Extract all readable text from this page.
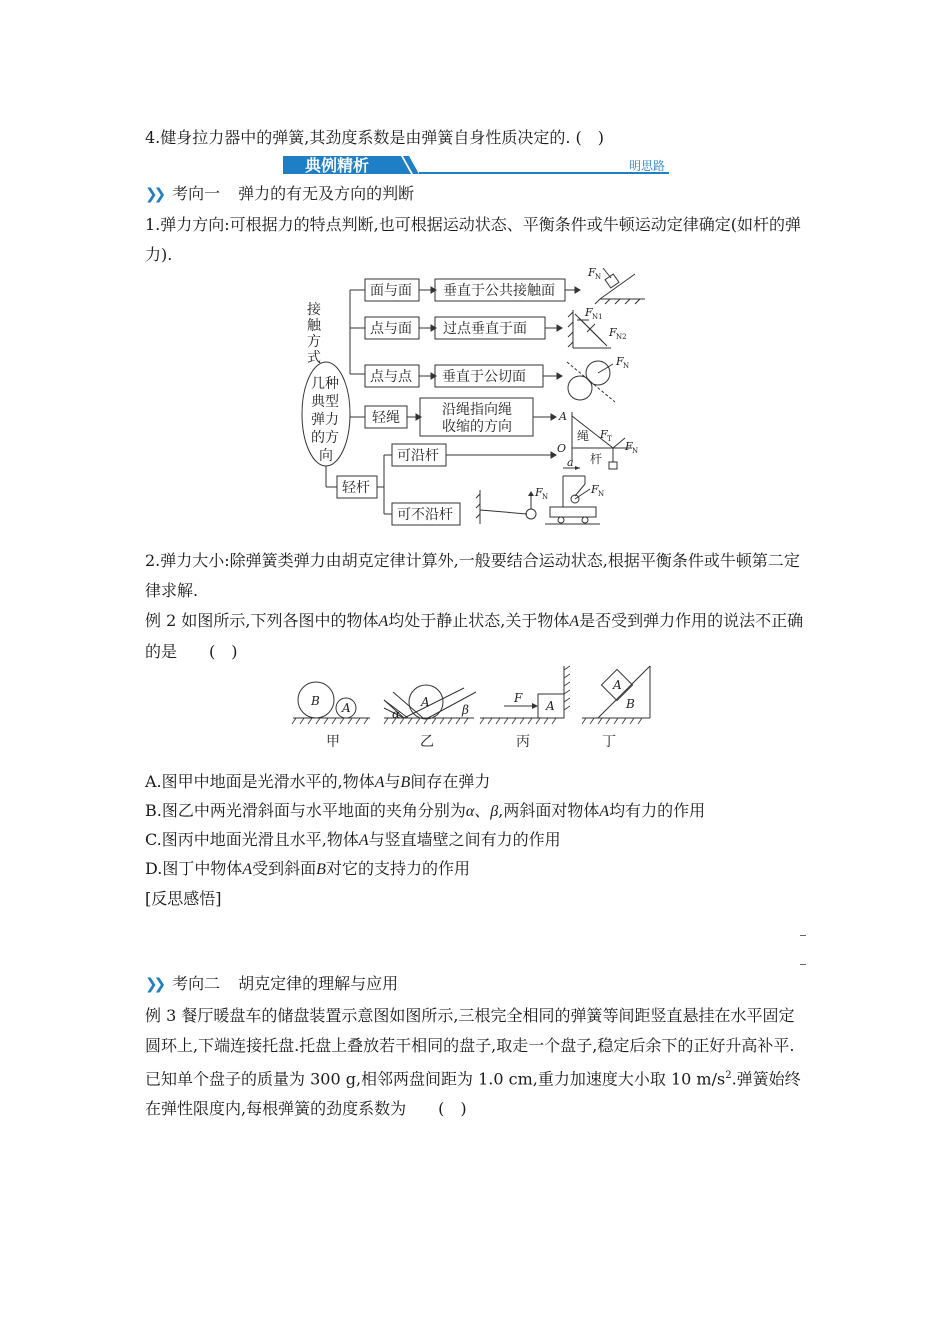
4.健身拉力器中的弹簧,其劲度系数是由弹簧自身性质决定的. (　)
典例精析	明思路
❯❯ 考向一 弹力的有无及方向的判断

1.弹力方向:可根据力的特点判断,也可根据运动状态、平衡条件或牛顿运动定律确定(如杆的弹力).

接
触
方
式
几种
典型
弹力
的方
向
面与面
点与面
点与点
轻绳
垂直于公共接触面
过点垂直于面
垂直于公切面
沿绳指向绳
收缩的方向
轻杆
可沿杆
可不沿杆
F N
F N1
F N2
F N
A
O
绳
杆
F T
F N
F N
F N
a

2.弹力大小:除弹簧类弹力由胡克定律计算外,一般要结合运动状态,根据平衡条件或牛顿第二定律求解.

例 2 如图所示,下列各图中的物体A均处于静止状态,关于物体A是否受到弹力作用的说法不正确的是　　 (　)

B A	A
α	β
F
A
A
B
甲	乙	丙	丁
A.图甲中地面是光滑水平的,物体A与B间存在弹力
B.图乙中两光滑斜面与水平地面的夹角分别为α、β,两斜面对物体A均有力的作用
C.图丙中地面光滑且水平,物体A与竖直墙壁之间有力的作用
D.图丁中物体A受到斜面B对它的支持力的作用
[反思感悟]
❯❯ 考向二 胡克定律的理解与应用

例 3 餐厅暖盘车的储盘装置示意图如图所示,三根完全相同的弹簧等间距竖直悬挂在水平固定圆环上,下端连接托盘.托盘上叠放若干相同的盘子,取走一个盘子,稳定后余下的正好升高补平.已知单个盘子的质量为 300 g,相邻两盘间距为 1.0 cm,重力加速度大小取 10 $m/s^2$.弹簧始终在弹性限度内,每根弹簧的劲度系数为　　 (　)
